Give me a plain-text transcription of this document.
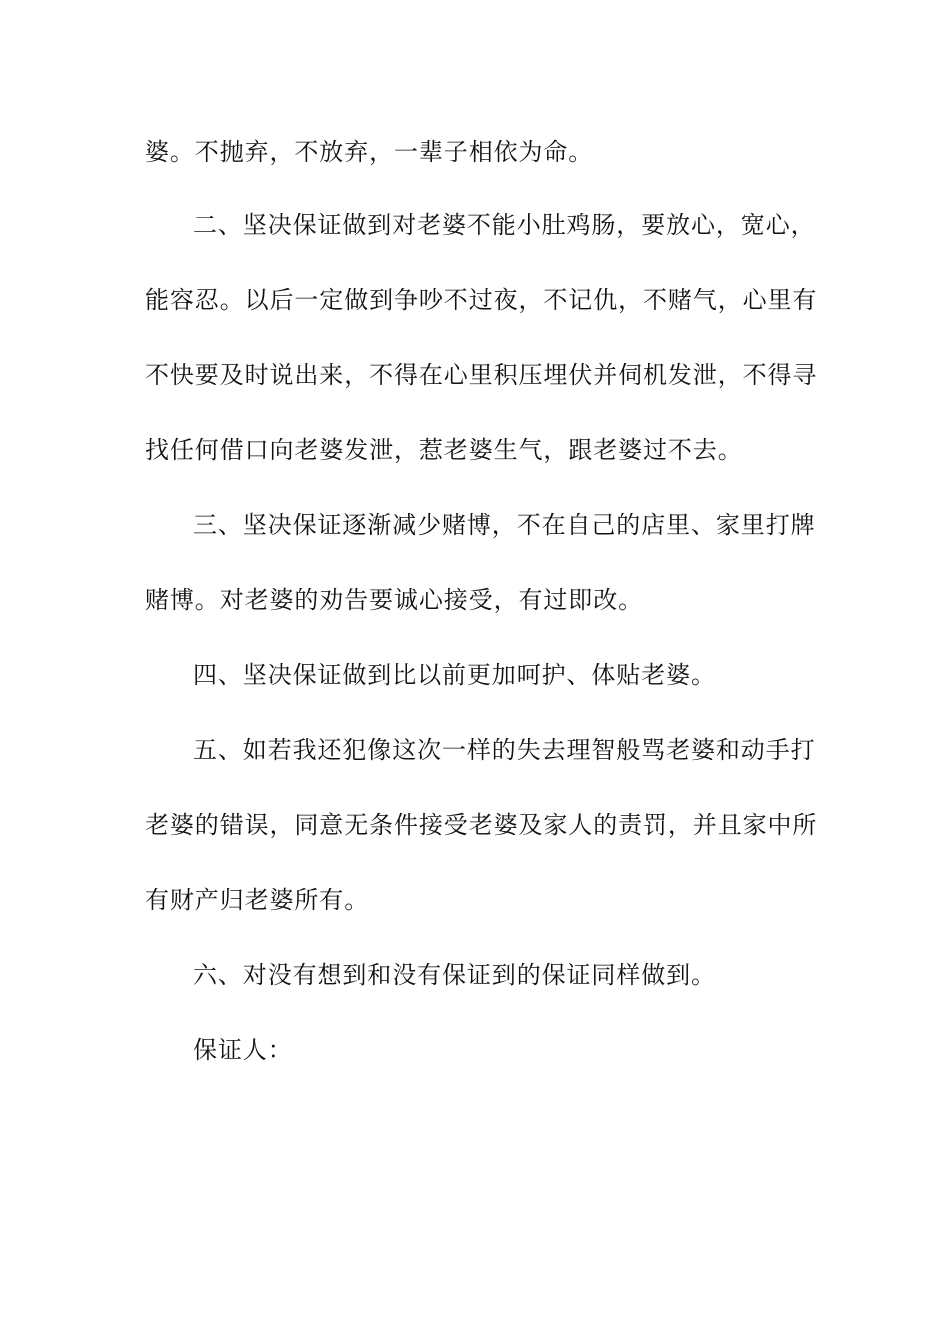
婆。不抛弃，不放弃，一辈子相依为命。
二、坚决保证做到对老婆不能小肚鸡肠，要放心，宽心，
能容忍。以后一定做到争吵不过夜，不记仇，不赌气，心里有
不快要及时说出来，不得在心里积压埋伏并伺机发泄，不得寻
找任何借口向老婆发泄，惹老婆生气，跟老婆过不去。
三、坚决保证逐渐减少赌博，不在自己的店里、家里打牌
赌博。对老婆的劝告要诚心接受，有过即改。
四、坚决保证做到比以前更加呵护、体贴老婆。
五、如若我还犯像这次一样的失去理智般骂老婆和动手打
老婆的错误，同意无条件接受老婆及家人的责罚，并且家中所
有财产归老婆所有。
六、对没有想到和没有保证到的保证同样做到。
保证人：
